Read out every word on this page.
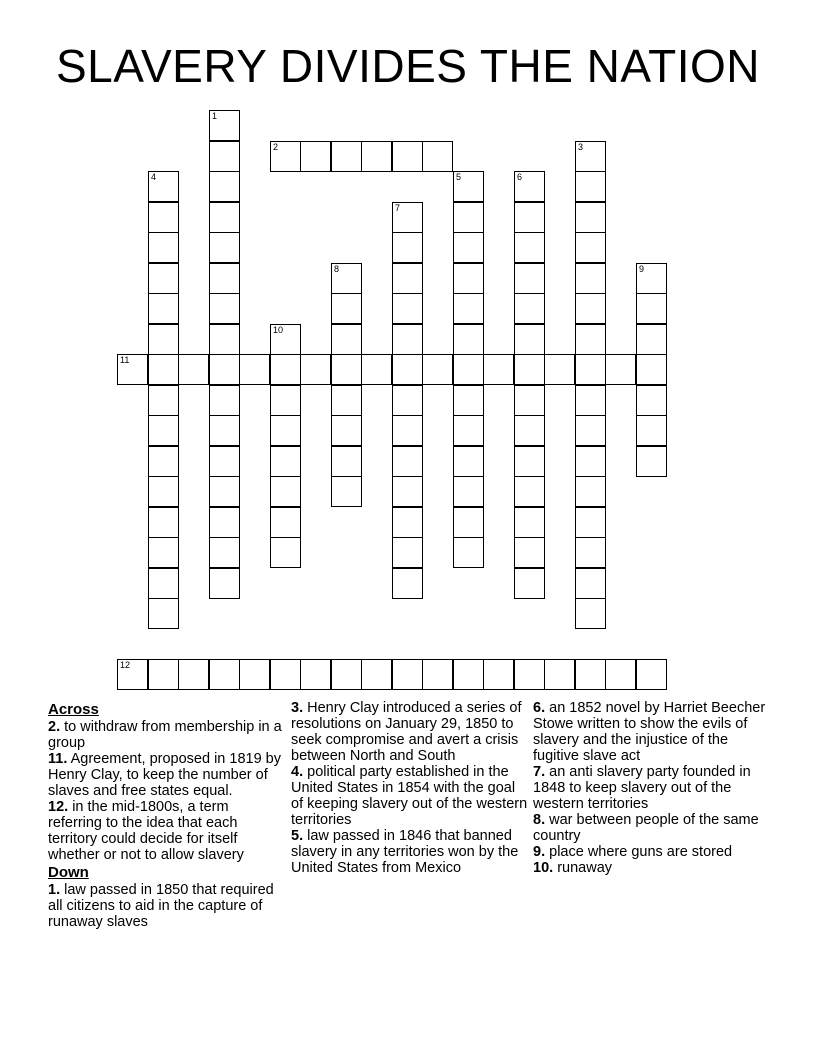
SLAVERY DIVIDES THE NATION
1
2	3
4	5	6
7
8	9
10
11
12
Across
2. to withdraw from membership in a group
11. Agreement, proposed in 1819 by Henry Clay, to keep the number of slaves and free states equal.
12. in the mid-1800s, a term referring to the idea that each territory could decide for itself whether or not to allow slavery
Down
1. law passed in 1850 that required all citizens to aid in the capture of runaway slaves
3. Henry Clay introduced a series of resolutions on January 29, 1850 to seek compromise and avert a crisis between North and South
4. political party established in the United States in 1854 with the goal of keeping slavery out of the western territories
5. law passed in 1846 that banned slavery in any territories won by the United States from Mexico
6. an 1852 novel by Harriet Beecher Stowe written to show the evils of slavery and the injustice of the fugitive slave act
7. an anti slavery party founded in 1848 to keep slavery out of the western territories
8. war between people of the same country
9. place where guns are stored
10. runaway
